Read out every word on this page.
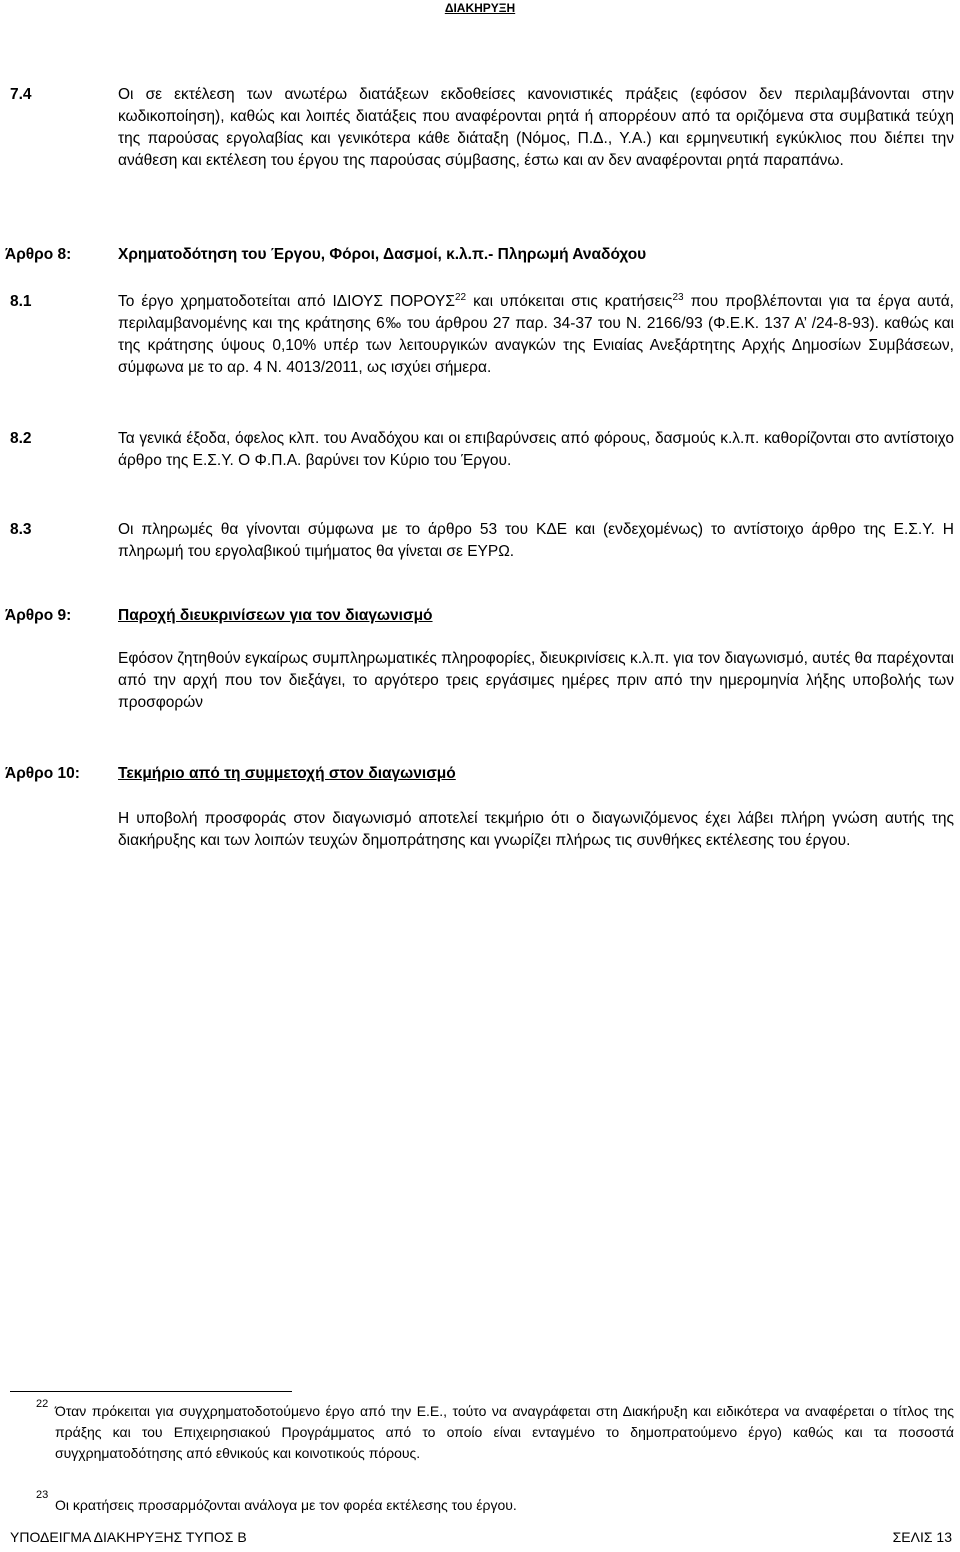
ΔΙΑΚΗΡΥΞΗ
7.4	Οι σε εκτέλεση των ανωτέρω διατάξεων εκδοθείσες κανονιστικές πράξεις (εφόσον δεν περιλαμβάνονται στην κωδικοποίηση), καθώς και λοιπές διατάξεις που αναφέρονται ρητά ή απορρέουν από τα οριζόμενα στα συμβατικά τεύχη της παρούσας εργολαβίας και γενικότερα κάθε διάταξη (Νόμος, Π.Δ., Υ.Α.) και ερμηνευτική εγκύκλιος που διέπει την ανάθεση και εκτέλεση του έργου της παρούσας σύμβασης, έστω και αν δεν αναφέρονται ρητά παραπάνω.
Άρθρο 8:	Χρηματοδότηση του Έργου, Φόροι, Δασμοί, κ.λ.π.- Πληρωμή Αναδόχου
8.1	Το έργο χρηματοδοτείται από ΙΔΙΟΥΣ ΠΟΡΟΥΣ$^{22}$ και υπόκειται στις κρατήσεις$^{23}$ που προβλέπονται για τα έργα αυτά, περιλαμβανομένης και της κράτησης 6‰ του άρθρου 27 παρ. 34-37 του Ν. 2166/93 (Φ.Ε.Κ. 137 Α’ /24-8-93). καθώς και της κράτησης ύψους 0,10% υπέρ των λειτουργικών αναγκών της Ενιαίας Ανεξάρτητης Αρχής Δημοσίων Συμβάσεων, σύμφωνα με το αρ. 4 Ν. 4013/2011, ως ισχύει σήμερα.
8.2	Τα γενικά έξοδα, όφελος κλπ. του Αναδόχου και οι επιβαρύνσεις από φόρους, δασμούς κ.λ.π. καθορίζονται στο αντίστοιχο άρθρο της Ε.Σ.Υ. Ο Φ.Π.Α. βαρύνει τον Κύριο του Έργου.
8.3	Οι πληρωμές θα γίνονται σύμφωνα με το άρθρο 53 του ΚΔΕ και (ενδεχομένως) το αντίστοιχο άρθρο της Ε.Σ.Υ. Η πληρωμή του εργολαβικού τιμήματος θα γίνεται σε ΕΥΡΩ.
Άρθρο 9:	Παροχή διευκρινίσεων για τον διαγωνισμό
Εφόσον ζητηθούν εγκαίρως συμπληρωματικές πληροφορίες, διευκρινίσεις κ.λ.π. για τον διαγωνισμό, αυτές θα παρέχονται από την αρχή που τον διεξάγει, το αργότερο τρεις εργάσιμες ημέρες πριν από την ημερομηνία λήξης υποβολής των προσφορών
Άρθρο 10: Τεκμήριο από τη συμμετοχή στον διαγωνισμό
Η υποβολή προσφοράς στον διαγωνισμό αποτελεί τεκμήριο ότι ο διαγωνιζόμενος έχει λάβει πλήρη γνώση αυτής της διακήρυξης και των λοιπών τευχών δημοπράτησης και γνωρίζει πλήρως τις συνθήκες εκτέλεσης του έργου.
22 Όταν πρόκειται για συγχρηματοδοτούμενο έργο από την Ε.Ε., τούτο να αναγράφεται στη Διακήρυξη και ειδικότερα να αναφέρεται ο τίτλος της πράξης και του Επιχειρησιακού Προγράμματος από το οποίο είναι ενταγμένο το δημοπρατούμενο έργο) καθώς και τα ποσοστά συγχρηματοδότησης από εθνικούς και κοινοτικούς πόρους.
23
Οι κρατήσεις προσαρμόζονται ανάλογα με τον φορέα εκτέλεσης του έργου.
ΥΠΟΔΕΙΓΜΑ ΔΙΑΚΗΡΥΞΗΣ ΤΥΠΟΣ Β	ΣΕΛΙΣ 13
